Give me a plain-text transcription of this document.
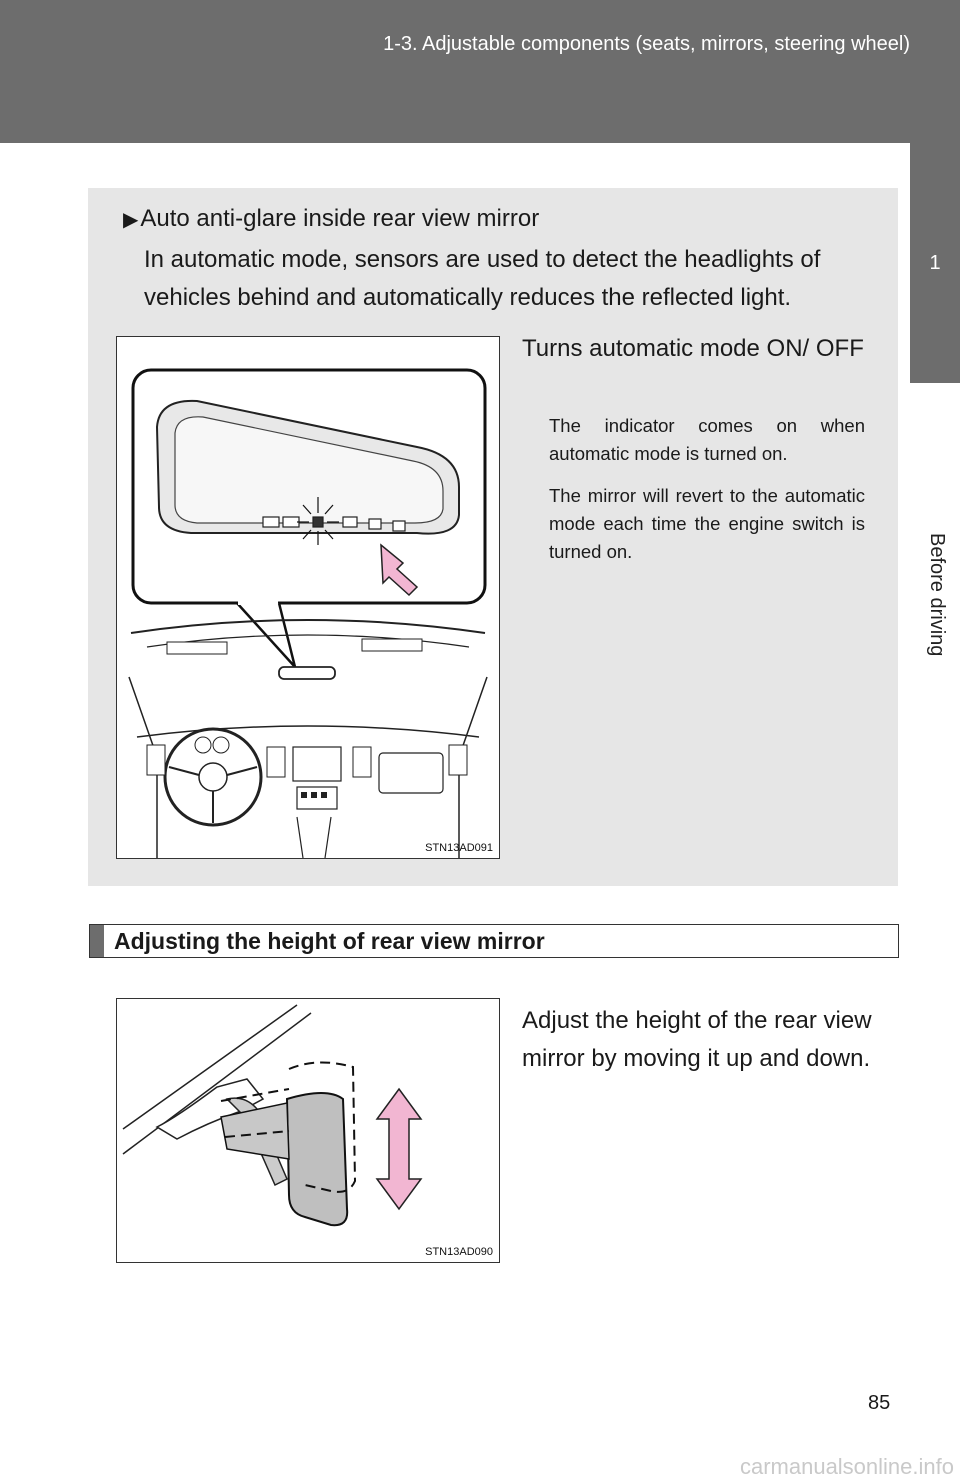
1-3. Adjustable components (seats, mirrors, steering wheel)
1
Before driving
▶Auto anti-glare inside rear view mirror
In automatic mode, sensors are used to detect the headlights of vehicles behind and automatically reduces the reflected light.
STN13AD091
Turns automatic mode ON/ OFF
The indicator comes on when automatic mode is turned on.
The mirror will revert to the automatic mode each time the engine switch is turned on.
Adjusting the height of rear view mirror
STN13AD090
Adjust the height of the rear view mirror by moving it up and down.
85
carmanualsonline.info
